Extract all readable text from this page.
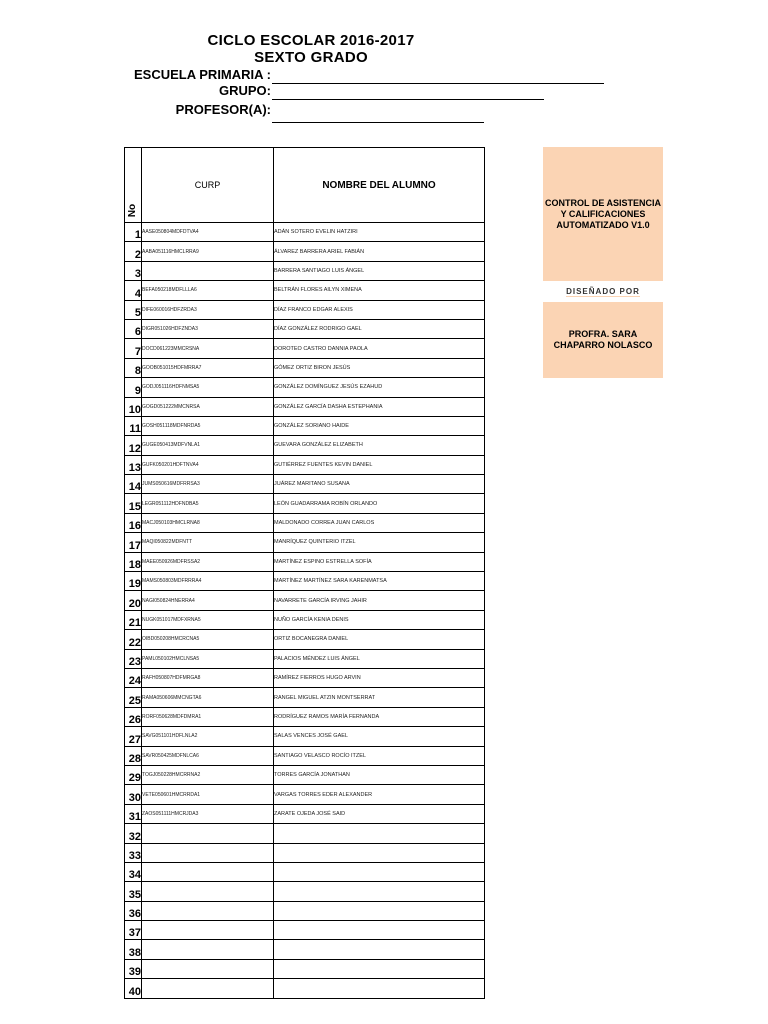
CICLO ESCOLAR 2016-2017
SEXTO GRADO
ESCUELA PRIMARIA :
GRUPO:
PROFESOR(A):
No	CURP	NOMBRE DEL ALUMNO
1	AASE050804MDFDTVA4	ADÁN SOTERO EVELIN HATZIRI
2	AABA051116HMCLRRA9	ÁLVAREZ BARRERA ARIEL FABIÁN
3		BARRERA SANTIAGO LUIS ÁNGEL
4	BEFA050218MDFLLLA6	BELTRÁN FLORES AILYN XIMENA
5	DIFE060016HDFZRDA3	DÍAZ FRANCO EDGAR ALEXIS
6	DIGR051026HDFZNDA3	DÍAZ GONZÁLEZ RODRIGO GAEL
7	DOCD061223MMCRSNA	DOROTEO CASTRO DANNIA PAOLA
8	GOOB051015HDFMRRA7	GÓMEZ ORTIZ BIRON JESÚS
9	GODJ051116HDFNMSA5	GONZÁLEZ DOMÍNGUEZ JESÚS EZAHUD
10	GOGD051222MMCNRSA	GONZÁLEZ GARCÍA DASHA ESTEPHANIA
11	GOSH051118MDFNRDA5	GONZÁLEZ SORIANO HAIDE
12	GUGE050413MDFVNLA1	GUEVARA GONZÁLEZ ELIZABETH
13	GUFK050201HDFTNVA4	GUTIÉRREZ FUENTES KEVIN DANIEL
14	JUMS050616MDFRRSA3	JUÁREZ MARITANO SUSANA
15	LEGR051112HDFNDBA5	LEÓN GUADARRAMA ROBÍN ORLANDO
16	MACJ050103HMCLRNA8	MALDONADO CORREA JUAN CARLOS
17	MAQI050822MDFNTT	MANRÍQUEZ QUINTERIO ITZEL
18	MAEE050926MDFRSSA2	MARTÍNEZ ESPINO ESTRELLA SOFÍA
19	MAMS050803MDFRRRA4	MARTÍNEZ MARTÍNEZ SARA KARENMATSA
20	NAGI050824HNERRA4	NAVARRETE GARCÍA IRVING JAHIR
21	NUGK051017MDFXRNA5	NUÑO GARCÍA KENIA DENIS
22	OIBD050208HMCRCNA5	ORTIZ BOCANEGRA DANIEL
23	PAML050102HMCLNSA5	PALACIOS MÉNDEZ LUIS ÁNGEL
24	RAFH050807HDFMRGA8	RAMÍREZ FIERROS HUGO ARVIN
25	RAMA050606MMCNGTA6	RANGEL MIGUEL ATZIN MONTSERRAT
26	RORF050628MDFDMRA1	RODRÍGUEZ RAMOS MARÍA FERNANDA
27	SAVG051101HDFLNLA2	SALAS VENCES JOSÉ GAEL
28	SAVR050425MDFNLCA6	SANTIAGO VELASCO ROCÍO ITZEL
29	TOGJ050228HMCRRNA2	TORRES GARCÍA JONATHAN
30	VETE050601HMCRRDA1	VARGAS TORRES EDER ALEXANDER
31	ZAOS051111HMCRJDA3	ZARATE OJEDA JOSÉ SAID
32		
33		
34		
35		
36		
37		
38		
39		
40		
CONTROL DE ASISTENCIA Y CALIFICACIONES AUTOMATIZADO V1.0
DISEÑADO POR
PROFRA. SARA CHAPARRO NOLASCO
